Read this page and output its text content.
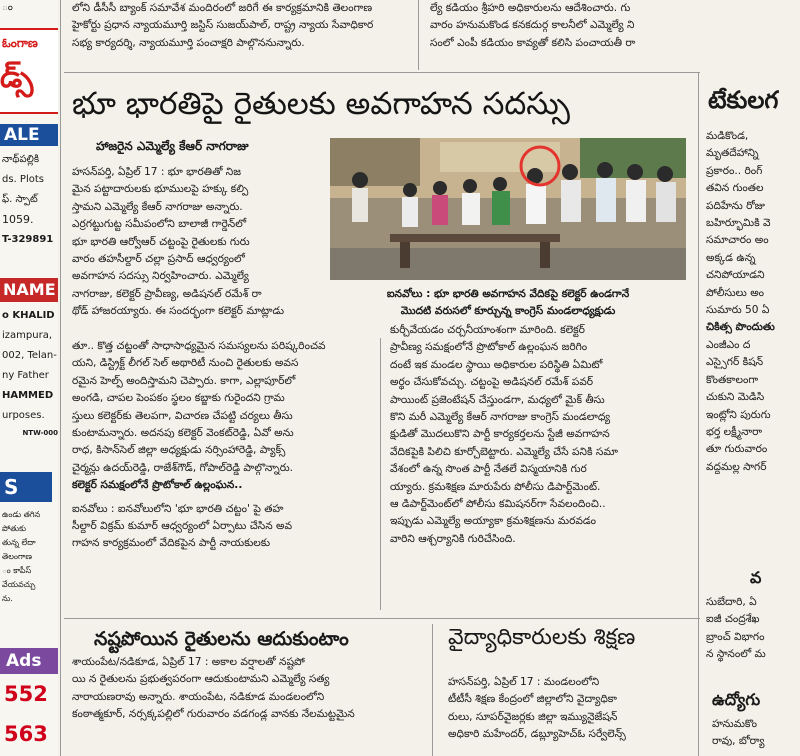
ం
ఓంగాణ
డ్స్
ALE
నాథ్‌పల్లికి
ds. Plots
ఫ్. స్పాట్
1059.
T-329891
NAME
o KHALID
izampura,
002, Telan-
ny Father
HAMMED
urposes.
NTW-000
S
ఉండు తగిన
పోతుకు
తున్న లేదా
తెలంగాణ
ం కాపీస్
వేయవచ్చు
ను.
Ads
552
563

లోని డీసీసీ బ్యాంక్‌ సమావేశ మందిరంలో జరిగే ఈ కార్యక్రమానికి తెలంగాణ

హైకోర్టు ప్రధాన న్యాయమూర్తి జస్టిస్‌ సుజయ్‌పాల్‌, రాష్ట్ర న్యాయ సేవాధికార

సభ్య కార్యదర్శి, న్యాయమూర్తి పంచాక్షరి పాల్గొననున్నారు.

ల్యే కడియం శ్రీహరి అధికారులను ఆదేశించారు. గు

వారం హనుమకొండ కనకదుర్గ కాలనీలో ఎమ్మెల్యే ని

సంలో ఎంపీ కడియం కావ్యతో కలిసి పంచాయతీ రా

భూ భారతిపై రైతులకు అవగాహన సదస్సు
హాజరైన ఎమ్మెల్యే కేఆర్‌ నాగరాజు

హసన్‌పర్తి, ఏప్రిల్‌ 17 : భూ భారతితో నిజ

మైన పట్టాదారులకు భూములపై హక్కు కల్పి

స్తామని ఎమ్మెల్యే కేఆర్‌ నాగరాజు అన్నారు.

ఎర్రగట్టుగుట్ట సమీపంలోని బాలాజీ గార్డెన్‌లో

భూ భారతి ఆర్వోఆర్‌ చట్టంపై రైతులకు గురు

వారం తహసీల్దార్‌ చల్లా ప్రసాద్‌ ఆధ్వర్యంలో

అవగాహన సదస్సు నిర్వహించారు. ఎమ్మెల్యే

నాగరాజు, కలెక్టర్‌ ప్రావీణ్య, అడిషనల్‌ రమేశ్‌ రా

థోడ్‌ హాజరయ్యారు. ఈ సందర్భంగా కలెక్టర్‌ మాట్లాడు

ఐనవోలు : భూ భారతి అవగాహన వేదికపై కలెక్టర్‌ ఉండగానే
మొదటి వరుసలో కూర్చున్న కాంగ్రెస్‌ మండలాధ్యక్షుడు

తూ.. కొత్త చట్టంతో సాధాసాధ్యమైన సమస్యలను పరిష్కరించవ

యని, డిస్ట్రిక్ట్‌ లీగల్‌ సెల్‌ అథారిటీ నుంచి రైతులకు అవస

రమైన హెల్ప్‌ అందిస్తామని చెప్పారు. కాగా, ఎల్లాపూర్‌లో

అంగడి, చాపల పెంపకం స్థలం కబ్జాకు గురైందని గ్రామ

స్తులు కలెక్టర్‌కు తెలపగా, విచారణ చేపట్టి చర్యలు తీసు

కుంటామన్నారు. అదనపు కలెక్టర్‌ వెంకట్‌రెడ్డి, ఏవో అను

రాధ, కిసాన్‌సెల్‌ జిల్లా అధ్యక్షుడు నర్సింహారెడ్డి, ప్యాక్స్‌

చైర్మన్లు ఉదయ్‌రెడ్డి, రాజేశ్‌గౌడ్‌, గోపాల్‌రెడ్డి పాల్గొన్నారు.

కలెక్టర్‌ సమక్షంలోనే ప్రొటోకాల్‌ ఉల్లంఘన..

ఐనవోలు : ఐనవోలులోని 'భూ భారతి చట్టం' పై తహ

సీల్దార్‌ విక్రమ్‌ కుమార్‌ ఆధ్వర్యంలో ఏర్పాటు చేసిన అవ

గాహన కార్యక్రమంలో వేదికపైన పార్టీ నాయకులకు

కుర్చీవేయడం చర్చనీయాంశంగా మారింది. కలెక్టర్‌

ప్రావీణ్య సమక్షంలోనే ప్రొటోకాల్‌ ఉల్లంఘన జరిగిం

దంటే ఇక మండల స్థాయి అధికారుల పరిస్థితి ఏమిటో

అర్థం చేసుకోవచ్చు. చట్టంపై అడిషనల్‌ రమేశ్‌ పవర్‌

పాయింట్‌ ప్రజెంటేషన్‌ చేస్తుండగా, మధ్యలో మైక్‌ తీసు

కొని మరీ ఎమ్మెల్యే కేఆర్‌ నాగరాజు కాంగ్రెస్‌ మండలాధ్య

క్షుడితో మొదలుకొని పార్టీ కార్యకర్తలను స్టేజీ అవగాహన

వేదికపైకి పిలిచి కూర్చోబెట్టారు. ఎమ్మెల్యే చేసే పనికి సమా

వేశంలో ఉన్న సొంత పార్టీ నేతలే విస్మయానికి గుర

య్యారు. క్రమశిక్షణ మారుపేరు పోలీసు డిపార్ట్‌మెంట్‌.

ఆ డిపార్ట్‌మెంట్‌లో పోలీసు కమిషనర్‌గా సేవలందించి..

ఇప్పుడు ఎమ్మెల్యే అయ్యాకా క్రమశిక్షణను మరవడం

వారిని ఆశ్చర్యానికి గురిచేసింది.

నష్టపోయిన రైతులను ఆదుకుంటాం

శాయంపేట/నడికూడ, ఏప్రిల్‌ 17 : అకాల వర్షాలతో నష్టపో

యి న రైతులను ప్రభుత్వపరంగా ఆదుకుంటామని ఎమ్మెల్యే సత్య

నారాయణరావు అన్నారు. శాయంపేట, నడికూడ మండలంలోని

కంఠాత్మకూర్‌, నర్సక్కపల్లిలో గురువారం వడగండ్ల వానకు నేలమట్టమైన

వైద్యాధికారులకు శిక్షణ

హసన్‌పర్తి, ఏప్రిల్‌ 17 : మండలంలోని

టీటీసీ శిక్షణ కేంద్రంలో జిల్లాలోని వైద్యాధికా

రులు, సూపర్‌వైజర్లకు జిల్లా ఇమ్యునైజేషన్‌

అధికారి మహేందర్‌, డబ్ల్యూహెచ్‌ఓ సర్వేలెన్స్‌

టేకులగ

మడికొండ,

మృతదేహాన్ని

ప్రకారం.. రింగ్‌

తవిన గుంతల

పదిహేను రోజు

బహిర్భూమికి వె

సమాచారం అం

అక్కడ ఉన్న

చనిపోయాడని

పోలీసులు అం

సుమారు 50 ఏ

చికిత్స పొందుతు

ఎంజీఎం ద

ఎస్సైగర్‌ కిషన్‌

కొంతకాలంగా

చుకుని మెడిసి

ఇంట్లోని పురుగు

భర్త లక్ష్మీనారా

తూ గురువారం

వద్దమల్ల సాగర్‌

వ

సుబేదారి, ఏ

ఐజీ చంద్రశేఖ

బ్రాంచ్‌ విభాగం

న స్థానంలో మ

ఉద్యోగు

హనుమకొం

రావు, బోర్యా
